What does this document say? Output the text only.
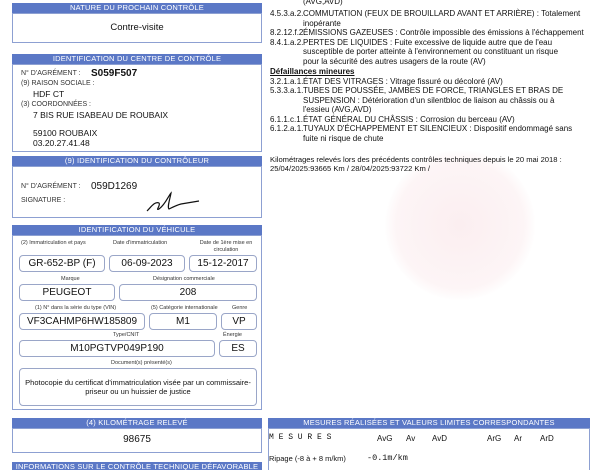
NATURE DU PROCHAIN CONTRÔLE
Contre-visite
IDENTIFICATION DU CENTRE DE CONTRÔLE
N° D'AGRÉMENT : S059F507
(9) RAISON SOCIALE :
HDF CT
(3) COORDONNÉES :
7 BIS RUE ISABEAU DE ROUBAIX
59100 ROUBAIX
03.20.27.41.48
(9) IDENTIFICATION DU CONTRÔLEUR
N° D'AGRÉMENT : 059D1269
SIGNATURE :
IDENTIFICATION DU VÉHICULE
(2) Immatriculation et pays	Date d'immatriculation	Date de 1ère mise en circulation
GR-652-BP (F)	06-09-2023	15-12-2017
Marque	Désignation commerciale
PEUGEOT	208
(1) N° dans la série du type (VIN)	(5) Catégorie internationale	Genre
VF3CAHMP6HW185809	M1	VP
Type/CNIT	Énergie
M10PGTVP049P190	ES
Document(s) présenté(s)
Photocopie du certificat d'immatriculation visée par un commissaire-priseur ou un huissier de justice
(4) KILOMÉTRAGE RELEVÉ
98675
INFORMATIONS SUR LE CONTRÔLE TECHNIQUE DÉFAVORABLE
(AVG,AVD)
4.5.3.a.2.COMMUTATION (FEUX DE BROUILLARD AVANT ET ARRIÈRE) : Totalement
inopérante
8.2.12.f.2.ÉMISSIONS GAZEUSES : Contrôle impossible des émissions à l'échappement
8.4.1.a.2.PERTES DE LIQUIDES : Fuite excessive de liquide autre que de l'eau
susceptible de porter atteinte à l'environnement ou constituant un risque
pour la sécurité des autres usagers de la route (AV)
Défaillances mineures
3.2.1.a.1.ÉTAT DES VITRAGES : Vitrage fissuré ou décoloré (AV)
5.3.3.a.1.TUBES DE POUSSÉE, JAMBES DE FORCE, TRIANGLES ET BRAS DE
SUSPENSION : Détérioration d'un silentbloc de liaison au châssis ou à
l'essieu (AVG,AVD)
6.1.1.c.1.ÉTAT GÉNÉRAL DU CHÂSSIS : Corrosion du berceau (AV)
6.1.2.a.1.TUYAUX D'ÉCHAPPEMENT ET SILENCIEUX : Dispositif endommagé sans
fuite ni risque de chute
Kilométrages relevés lors des précédents contrôles techniques depuis le 20 mai 2018 :
25/04/2025:93665 Km / 28/04/2025:93722 Km /
MESURES RÉALISÉES ET VALEURS LIMITES CORRESPONDANTES
M E S U R E S	AvG Av AvD	ArG Ar ArD
Ripage (-8 à + 8 m/km) -0.1m/km
